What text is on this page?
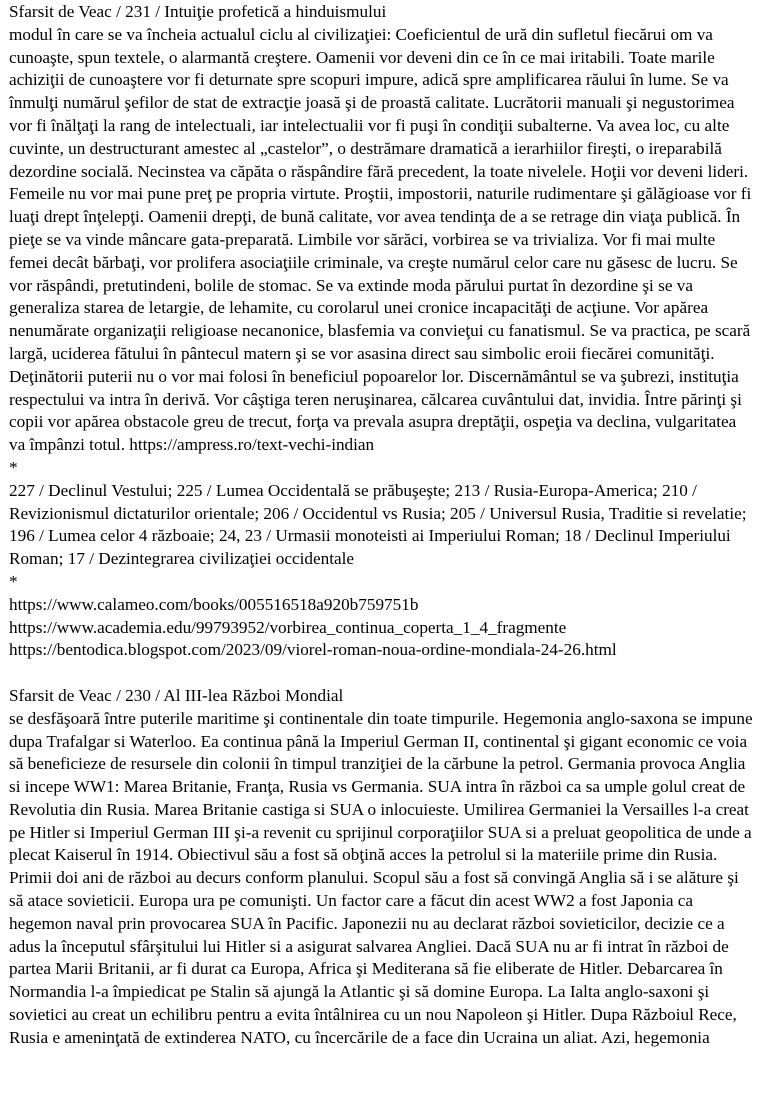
Sfarsit de Veac / 231 / Intuiţie profetică a hinduismului

modul în care se va încheia actualul ciclu al civilizaţiei: Coeficientul de ură din sufletul fiecărui om va cunoaşte, spun textele, o alarmantă creştere. Oamenii vor deveni din ce în ce mai iritabili. Toate marile achiziţii de cunoaştere vor fi deturnate spre scopuri impure, adică spre amplificarea răului în lume. Se va înmulţi numărul şefilor de stat de extracţie joasă şi de proastă calitate. Lucrătorii manuali şi negustorimea vor fi înălţaţi la rang de intelectuali, iar intelectualii vor fi puşi în condiţii subalterne. Va avea loc, cu alte cuvinte, un destructurant amestec al „castelor”, o destrămare dramatică a ierarhiilor fireşti, o ireparabilă dezordine socială. Necinstea va căpăta o răspândire fără precedent, la toate nivelele. Hoţii vor deveni lideri. Femeile nu vor mai pune preţ pe propria virtute. Proştii, impostorii, naturile rudimentare şi gălăgioase vor fi luaţi drept înţelepţi. Oamenii drepţi, de bună calitate, vor avea tendinţa de a se retrage din viaţa publică. În pieţe se va vinde mâncare gata-preparată. Limbile vor sărăci, vorbirea se va trivializa. Vor fi mai multe femei decât bărbaţi, vor prolifera asociaţiile criminale, va creşte numărul celor care nu găsesc de lucru. Se vor răspândi, pretutindeni, bolile de stomac. Se va extinde moda părului purtat în dezordine şi se va generaliza starea de letargie, de lehamite, cu corolarul unei cronice incapacităţi de acţiune. Vor apărea nenumărate organizaţii religioase necanonice, blasfemia va convieţui cu fanatismul. Se va practica, pe scară largă, uciderea fătului în pântecul matern şi se vor asasina direct sau simbolic eroii fiecărei comunităţi. Deţinătorii puterii nu o vor mai folosi în beneficiul popoarelor lor. Discernământul se va şubrezi, instituţia respectului va intra în derivă. Vor câştiga teren neruşinarea, călcarea cuvântului dat, invidia. Între părinţi şi copii vor apărea obstacole greu de trecut, forţa va prevala asupra dreptăţii, ospeţia va declina, vulgaritatea va împânzi totul. https://ampress.ro/text-vechi-indian

*

227 / Declinul Vestului; 225 / Lumea Occidentală se prăbuşeşte; 213 / Rusia-Europa-America; 210 / Revizionismul dictaturilor orientale; 206 / Occidentul vs Rusia; 205 / Universul Rusia, Traditie si revelatie; 196 / Lumea celor 4 războaie; 24, 23 / Urmasii monoteisti ai Imperiului Roman; 18 / Declinul Imperiului Roman; 17 / Dezintegrarea civilizaţiei occidentale

*

https://www.calameo.com/books/005516518a920b759751b
https://www.academia.edu/99793952/vorbirea_continua_coperta_1_4_fragmente
https://bentodica.blogspot.com/2023/09/viorel-roman-noua-ordine-mondiala-24-26.html

Sfarsit de Veac / 230 / Al III-lea Război Mondial

se desfăşoară între puterile maritime şi continentale din toate timpurile. Hegemonia anglo-saxona se impune dupa Trafalgar si Waterloo. Ea continua până la Imperiul German II, continental şi gigant economic ce voia să beneficieze de resursele din colonii în timpul tranziţiei de la cărbune la petrol. Germania provoca Anglia si incepe WW1: Marea Britanie, Franţa, Rusia vs Germania. SUA intra în război ca sa umple golul creat de Revolutia din Rusia. Marea Britanie castiga si SUA o inlocuieste. Umilirea Germaniei la Versailles l-a creat pe Hitler si Imperiul German III şi-a revenit cu sprijinul corporaţiilor SUA si a preluat geopolitica de unde a plecat Kaiserul în 1914. Obiectivul său a fost să obţină acces la petrolul si la materiile prime din Rusia. Primii doi ani de război au decurs conform planului. Scopul său a fost să convingă Anglia să i se alăture şi să atace sovieticii. Europa ura pe comunişti. Un factor care a făcut din acest WW2 a fost Japonia ca hegemon naval prin provocarea SUA în Pacific. Japonezii nu au declarat război sovieticilor, decizie ce a adus la începutul sfârşitului lui Hitler si a asigurat salvarea Angliei. Dacă SUA nu ar fi intrat în război de partea Marii Britanii, ar fi durat ca Europa, Africa şi Mediterana să fie eliberate de Hitler. Debarcarea în Normandia l-a împiedicat pe Stalin să ajungă la Atlantic şi să domine Europa. La Ialta anglo-saxoni şi sovietici au creat un echilibru pentru a evita întâlnirea cu un nou Napoleon şi Hitler. Dupa Războiul Rece, Rusia e ameninţată de extinderea NATO, cu încercările de a face din Ucraina un aliat. Azi, hegemonia
